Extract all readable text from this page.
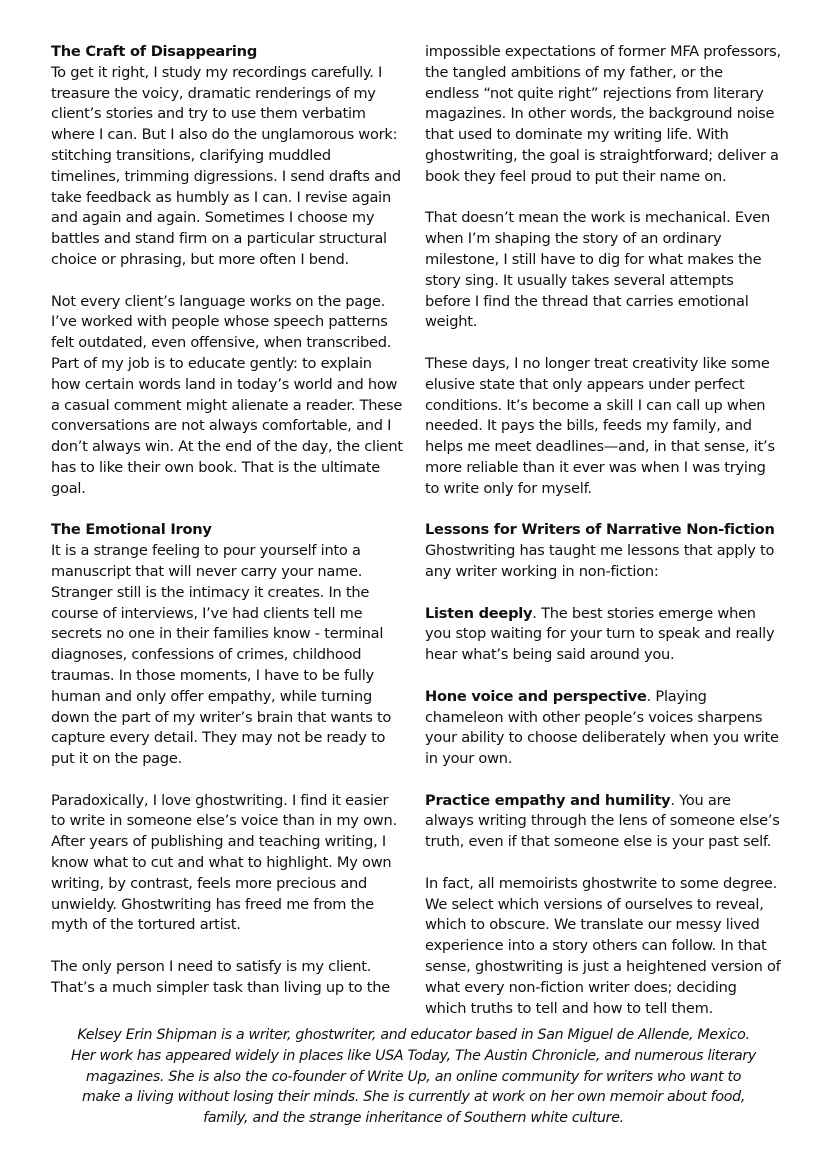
The Craft of Disappearing

To get it right, I study my recordings carefully. I treasure the voicy, dramatic renderings of my client’s stories and try to use them verbatim where I can. But I also do the unglamorous work: stitching transitions, clarifying muddled timelines, trimming digressions. I send drafts and take feedback as humbly as I can. I revise again and again and again. Sometimes I choose my battles and stand firm on a particular structural choice or phrasing, but more often I bend.

Not every client’s language works on the page. I’ve worked with people whose speech patterns felt outdated, even offensive, when transcribed. Part of my job is to educate gently: to explain how certain words land in today’s world and how a casual comment might alienate a reader. These conversations are not always comfortable, and I don’t always win. At the end of the day, the client has to like their own book. That is the ultimate goal.

The Emotional Irony

It is a strange feeling to pour yourself into a manuscript that will never carry your name. Stranger still is the intimacy it creates. In the course of interviews, I’ve had clients tell me secrets no one in their families know - terminal diagnoses, confessions of crimes, childhood traumas. In those moments, I have to be fully human and only offer empathy, while turning down the part of my writer’s brain that wants to capture every detail. They may not be ready to put it on the page.

Paradoxically, I love ghostwriting. I find it easier to write in someone else’s voice than in my own. After years of publishing and teaching writing, I know what to cut and what to highlight. My own writing, by contrast, feels more precious and unwieldy. Ghostwriting has freed me from the myth of the tortured artist.

The only person I need to satisfy is my client. That’s a much simpler task than living up to the

impossible expectations of former MFA professors, the tangled ambitions of my father, or the endless “not quite right” rejections from literary magazines. In other words, the background noise that used to dominate my writing life. With ghostwriting, the goal is straightforward; deliver a book they feel proud to put their name on.

That doesn’t mean the work is mechanical. Even when I’m shaping the story of an ordinary milestone, I still have to dig for what makes the story sing. It usually takes several attempts before I find the thread that carries emotional weight.

These days, I no longer treat creativity like some elusive state that only appears under perfect conditions. It’s become a skill I can call up when needed. It pays the bills, feeds my family, and helps me meet deadlines—and, in that sense, it’s more reliable than it ever was when I was trying to write only for myself.

Lessons for Writers of Narrative Non-fiction

Ghostwriting has taught me lessons that apply to any writer working in non-fiction:

Listen deeply. The best stories emerge when you stop waiting for your turn to speak and really hear what’s being said around you.

Hone voice and perspective. Playing chameleon with other people’s voices sharpens your ability to choose deliberately when you write in your own.

Practice empathy and humility. You are always writing through the lens of someone else’s truth, even if that someone else is your past self.

In fact, all memoirists ghostwrite to some degree. We select which versions of ourselves to reveal, which to obscure. We translate our messy lived experience into a story others can follow. In that sense, ghostwriting is just a heightened version of what every non-fiction writer does; deciding which truths to tell and how to tell them.

Kelsey Erin Shipman is a writer, ghostwriter, and educator based in San Miguel de Allende, Mexico. Her work has appeared widely in places like USA Today, The Austin Chronicle, and numerous literary magazines. She is also the co-founder of Write Up, an online community for writers who want to make a living without losing their minds. She is currently at work on her own memoir about food, family, and the strange inheritance of Southern white culture.
